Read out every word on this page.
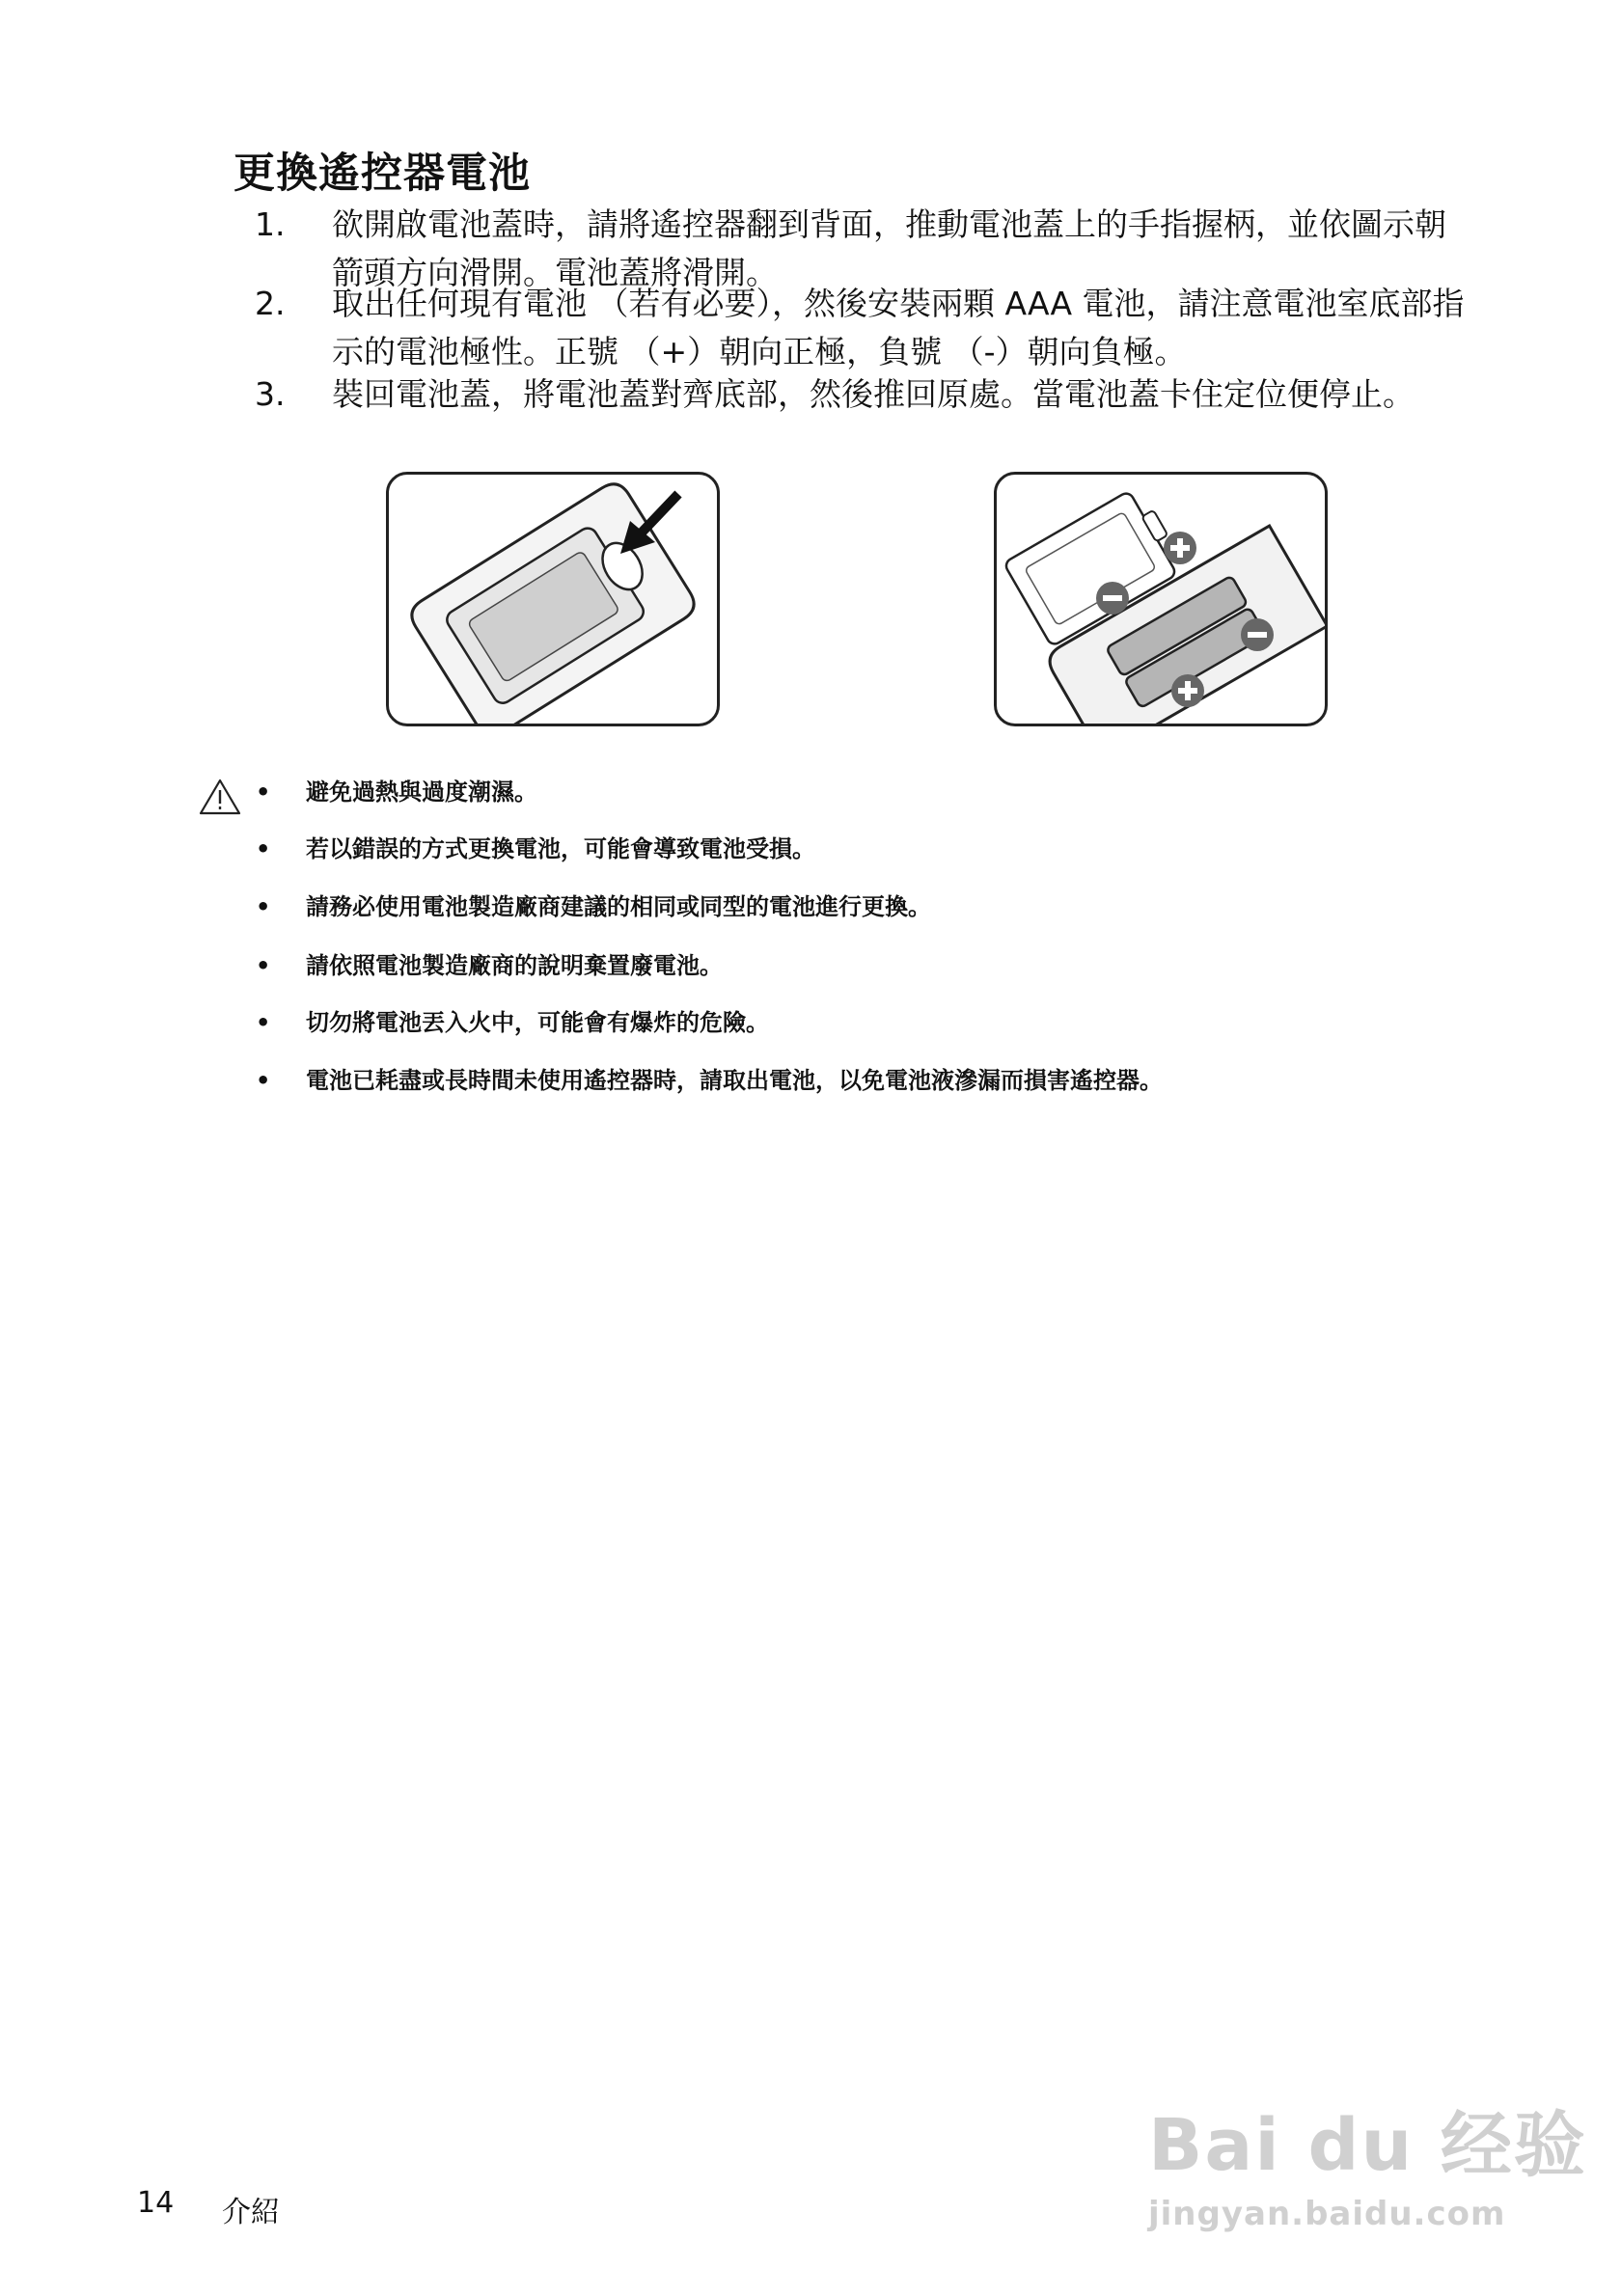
更換遙控器電池
1. 欲開啟電池蓋時，請將遙控器翻到背面，推動電池蓋上的手指握柄，並依圖示朝箭頭方向滑開。電池蓋將滑開。
2. 取出任何現有電池 （若有必要），然後安裝兩顆 AAA 電池，請注意電池室底部指示的電池極性。正號 （+）朝向正極，負號 （-）朝向負極。
3. 裝回電池蓋，將電池蓋對齊底部，然後推回原處。當電池蓋卡住定位便停止。
• 避免過熱與過度潮濕。
• 若以錯誤的方式更換電池，可能會導致電池受損。
• 請務必使用電池製造廠商建議的相同或同型的電池進行更換。
• 請依照電池製造廠商的說明棄置廢電池。
• 切勿將電池丟入火中，可能會有爆炸的危險。
• 電池已耗盡或長時間未使用遙控器時，請取出電池，以免電池液滲漏而損害遙控器。
Bai du 经验
jingyan.baidu.com
14 介紹
